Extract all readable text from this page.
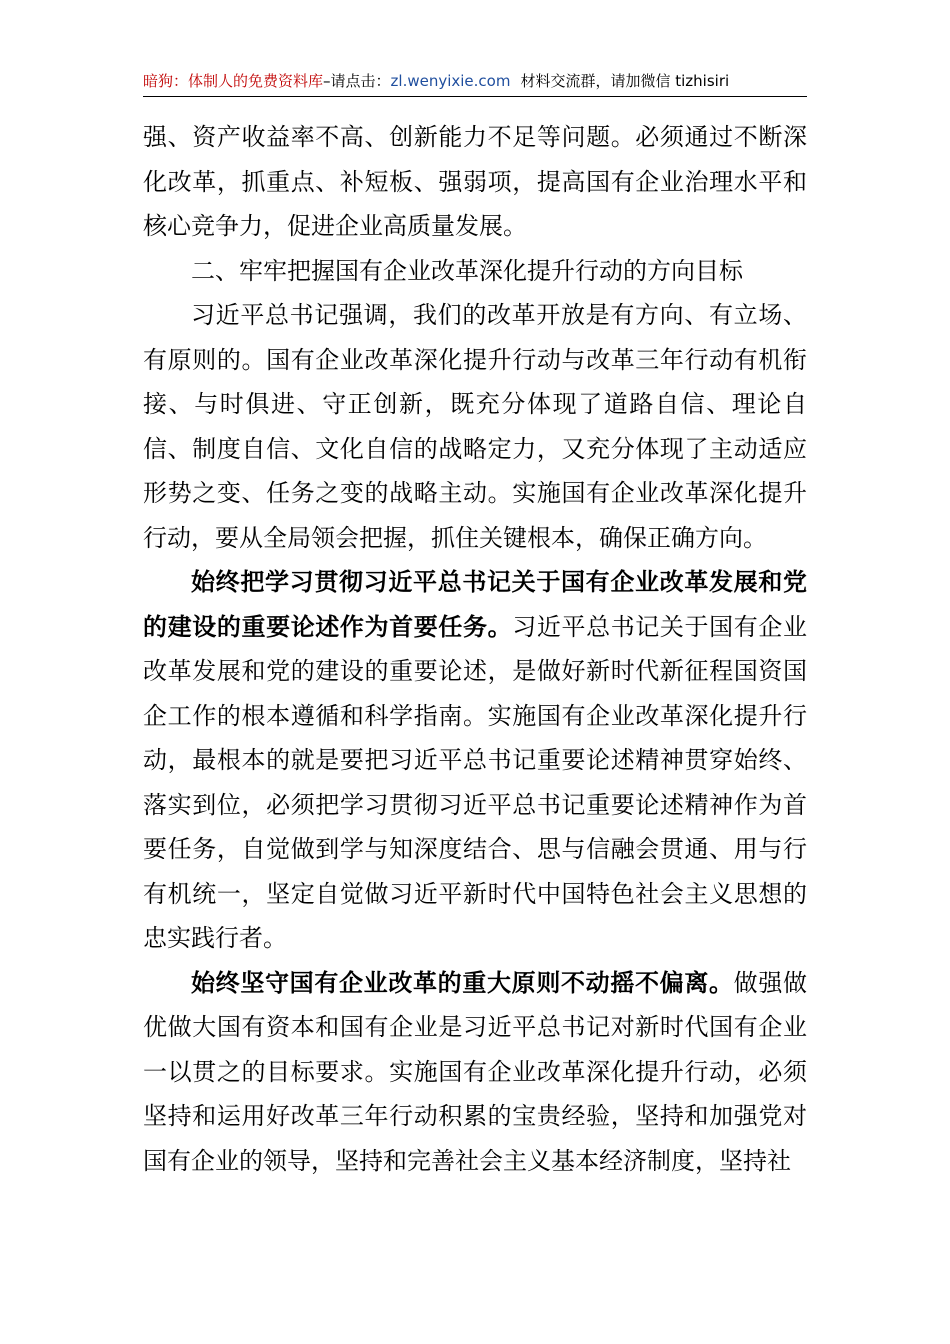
暗狗：体制人的免费资料库–请点击：zl.wenyixie.com 材料交流群，请加微信 tizhisiri

强、资产收益率不高、创新能力不足等问题。必须通过不断深化改革，抓重点、补短板、强弱项，提高国有企业治理水平和核心竞争力，促进企业高质量发展。

二、牢牢把握国有企业改革深化提升行动的方向目标

习近平总书记强调，我们的改革开放是有方向、有立场、有原则的。国有企业改革深化提升行动与改革三年行动有机衔接、与时俱进、守正创新，既充分体现了道路自信、理论自信、制度自信、文化自信的战略定力，又充分体现了主动适应形势之变、任务之变的战略主动。实施国有企业改革深化提升行动，要从全局领会把握，抓住关键根本，确保正确方向。

始终把学习贯彻习近平总书记关于国有企业改革发展和党的建设的重要论述作为首要任务。习近平总书记关于国有企业改革发展和党的建设的重要论述，是做好新时代新征程国资国企工作的根本遵循和科学指南。实施国有企业改革深化提升行动，最根本的就是要把习近平总书记重要论述精神贯穿始终、落实到位，必须把学习贯彻习近平总书记重要论述精神作为首要任务，自觉做到学与知深度结合、思与信融会贯通、用与行有机统一，坚定自觉做习近平新时代中国特色社会主义思想的忠实践行者。

始终坚守国有企业改革的重大原则不动摇不偏离。做强做优做大国有资本和国有企业是习近平总书记对新时代国有企业一以贯之的目标要求。实施国有企业改革深化提升行动，必须坚持和运用好改革三年行动积累的宝贵经验，坚持和加强党对国有企业的领导，坚持和完善社会主义基本经济制度，坚持社
